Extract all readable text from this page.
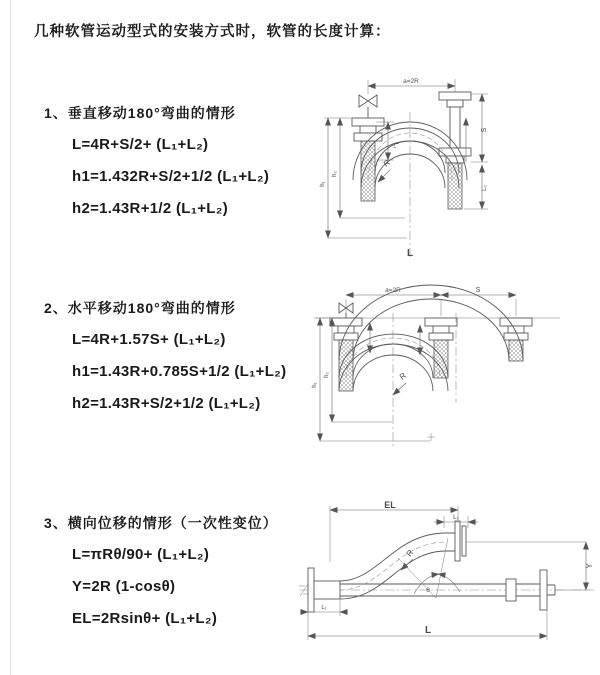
几种软管运动型式的安装方式时，软管的长度计算：
1、垂直移动180°弯曲的情形
L=4R+S/2+ (L₁+L₂)
h1=1.432R+S/2+1/2 (L₁+L₂)
h2=1.43R+1/2 (L₁+L₂)
2、水平移动180°弯曲的情形
L=4R+1.57S+ (L₁+L₂)
h1=1.43R+0.785S+1/2 (L₁+L₂)
h2=1.43R+S/2+1/2 (L₁+L₂)
3、横向位移的情形（一次性变位）
L=πRθ/90+ (L₁+L₂)
Y=2R (1-cosθ)
EL=2Rsinθ+ (L₁+L₂)
a=2R
L₁
S
L₂
R
h₁
h₂
L
a=2R	S
R
h₁
h₂
EL
L₂
L₁
L
Y
R
θ
